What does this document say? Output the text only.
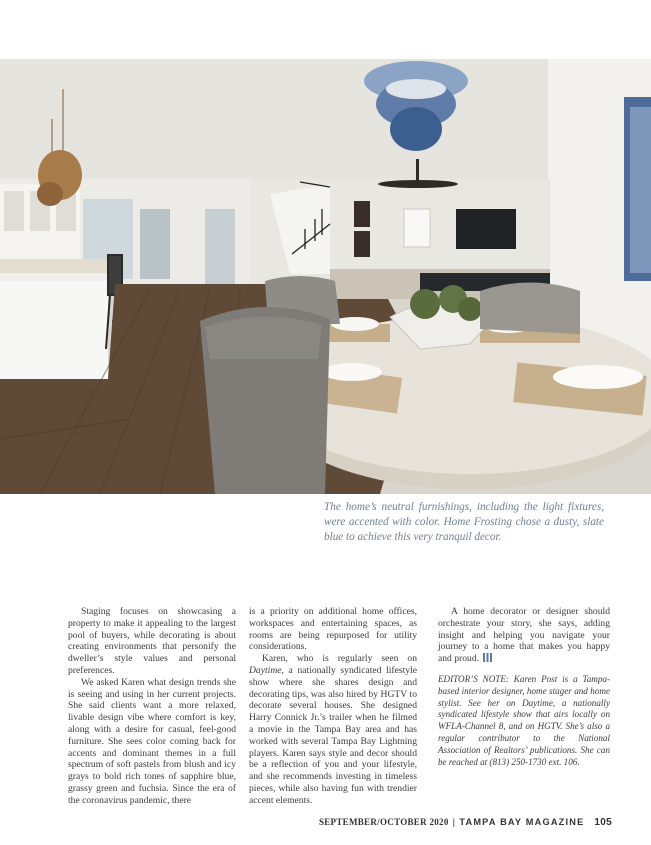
The home’s neutral furnishings, including the light fixtures, were accented with color. Home Frosting chose a dusty, slate blue to achieve this very tranquil decor.

Staging focuses on showcasing a property to make it appealing to the largest pool of buyers, while decorating is about creating environments that personify the dweller’s style values and personal preferences.

We asked Karen what design trends she is seeing and using in her current projects. She said clients want a more relaxed, livable design vibe where comfort is key, along with a desire for casual, feel-good furniture. She sees color coming back for accents and dominant themes in a full spectrum of soft pastels from blush and icy grays to bold rich tones of sapphire blue, grassy green and fuchsia. Since the era of the coronavirus pandemic, there

is a priority on additional home offices, workspaces and entertaining spaces, as rooms are being repurposed for utility considerations.

Karen, who is regularly seen on Daytime, a nationally syndicated lifestyle show where she shares design and decorating tips, was also hired by HGTV to decorate several houses. She designed Harry Connick Jr.’s trailer when he filmed a movie in the Tampa Bay area and has worked with several Tampa Bay Lightning players. Karen says style and decor should be a reflection of you and your lifestyle, and she recommends investing in timeless pieces, while also having fun with trendier accent elements.

A home decorator or designer should orchestrate your story, she says, adding insight and helping you navigate your journey to a home that makes you happy and proud.

EDITOR’S NOTE: Karen Post is a Tampa-based interior designer, home stager and home stylist. See her on Daytime, a nationally syndicated lifestyle show that airs locally on WFLA-Channel 8, and on HGTV. She’s also a regular contributor to the National Association of Realtors’ publications. She can be reached at (813) 250-1730 ext. 106.

SEPTEMBER/OCTOBER 2020 | TAMPA BAY MAGAZINE 105
